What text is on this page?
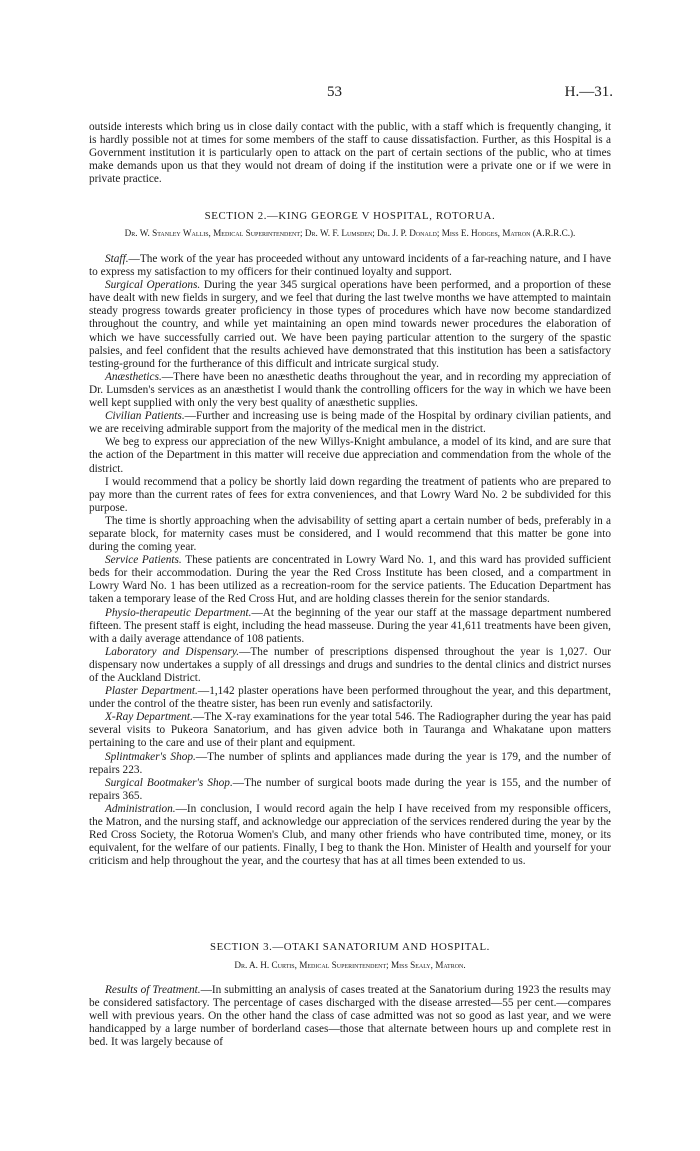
53	H.—31.

outside interests which bring us in close daily contact with the public, with a staff which is frequently changing, it is hardly possible not at times for some members of the staff to cause dissatisfaction. Further, as this Hospital is a Government institution it is particularly open to attack on the part of certain sections of the public, who at times make demands upon us that they would not dream of doing if the institution were a private one or if we were in private practice.

SECTION 2.—KING GEORGE V HOSPITAL, ROTORUA.
Dr. W. Stanley Wallis, Medical Superintendent; Dr. W. F. Lumsden; Dr. J. P. Donald; Miss E. Hodges, Matron (A.R.R.C.).

Staff.—The work of the year has proceeded without any untoward incidents of a far-reaching nature, and I have to express my satisfaction to my officers for their continued loyalty and support.

Surgical Operations. During the year 345 surgical operations have been performed, and a proportion of these have dealt with new fields in surgery, and we feel that during the last twelve months we have attempted to maintain steady progress towards greater proficiency in those types of procedures which have now become standardized throughout the country, and while yet maintaining an open mind towards newer procedures the elaboration of which we have successfully carried out. We have been paying particular attention to the surgery of the spastic palsies, and feel confident that the results achieved have demonstrated that this institution has been a satisfactory testing-ground for the furtherance of this difficult and intricate surgical study.

Anæsthetics.—There have been no anæsthetic deaths throughout the year, and in recording my appreciation of Dr. Lumsden's services as an anæsthetist I would thank the controlling officers for the way in which we have been well kept supplied with only the very best quality of anæsthetic supplies.

Civilian Patients.—Further and increasing use is being made of the Hospital by ordinary civilian patients, and we are receiving admirable support from the majority of the medical men in the district.

We beg to express our appreciation of the new Willys-Knight ambulance, a model of its kind, and are sure that the action of the Department in this matter will receive due appreciation and commendation from the whole of the district.

I would recommend that a policy be shortly laid down regarding the treatment of patients who are prepared to pay more than the current rates of fees for extra conveniences, and that Lowry Ward No. 2 be subdivided for this purpose.

The time is shortly approaching when the advisability of setting apart a certain number of beds, preferably in a separate block, for maternity cases must be considered, and I would recommend that this matter be gone into during the coming year.

Service Patients. These patients are concentrated in Lowry Ward No. 1, and this ward has provided sufficient beds for their accommodation. During the year the Red Cross Institute has been closed, and a compartment in Lowry Ward No. 1 has been utilized as a recreation-room for the service patients. The Education Department has taken a temporary lease of the Red Cross Hut, and are holding classes therein for the senior standards.

Physio-therapeutic Department.—At the beginning of the year our staff at the massage department numbered fifteen. The present staff is eight, including the head masseuse. During the year 41,611 treatments have been given, with a daily average attendance of 108 patients.

Laboratory and Dispensary.—The number of prescriptions dispensed throughout the year is 1,027. Our dispensary now undertakes a supply of all dressings and drugs and sundries to the dental clinics and district nurses of the Auckland District.

Plaster Department.—1,142 plaster operations have been performed throughout the year, and this department, under the control of the theatre sister, has been run evenly and satisfactorily.

X-Ray Department.—The X-ray examinations for the year total 546. The Radiographer during the year has paid several visits to Pukeora Sanatorium, and has given advice both in Tauranga and Whakatane upon matters pertaining to the care and use of their plant and equipment.

Splintmaker's Shop.—The number of splints and appliances made during the year is 179, and the number of repairs 223.

Surgical Bootmaker's Shop.—The number of surgical boots made during the year is 155, and the number of repairs 365.

Administration.—In conclusion, I would record again the help I have received from my responsible officers, the Matron, and the nursing staff, and acknowledge our appreciation of the services rendered during the year by the Red Cross Society, the Rotorua Women's Club, and many other friends who have contributed time, money, or its equivalent, for the welfare of our patients. Finally, I beg to thank the Hon. Minister of Health and yourself for your criticism and help throughout the year, and the courtesy that has at all times been extended to us.

SECTION 3.—OTAKI SANATORIUM AND HOSPITAL.
Dr. A. H. Curtis, Medical Superintendent; Miss Sealy, Matron.

Results of Treatment.—In submitting an analysis of cases treated at the Sanatorium during 1923 the results may be considered satisfactory. The percentage of cases discharged with the disease arrested—55 per cent.—compares well with previous years. On the other hand the class of case admitted was not so good as last year, and we were handicapped by a large number of borderland cases—those that alternate between hours up and complete rest in bed. It was largely because of
